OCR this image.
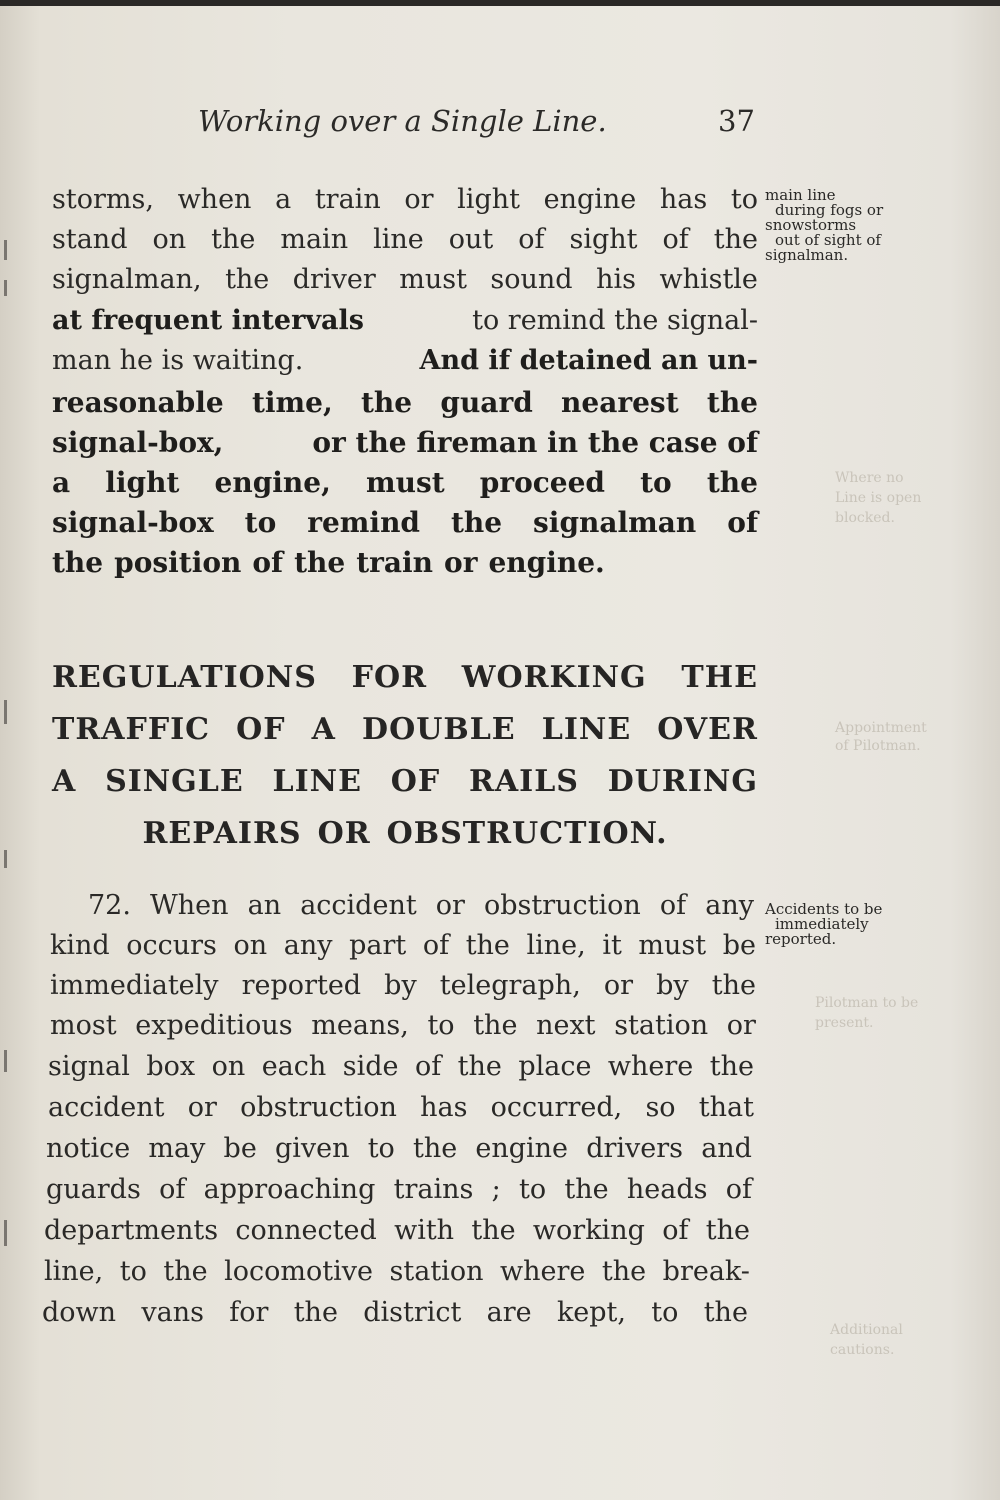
Working over a Single Line.	37
storms, when a train or light engine has to
stand on the main line out of sight of the
signalman, the driver must sound his whistle
at frequent intervals	to remind the signal-
man he is waiting.	And if detained an un-
reasonable time, the guard nearest the
signal-box,	or the fireman in the case of
a light engine, must proceed to the
signal-box to remind the signalman of
the position of the train or engine.
main line
during fogs or
snowstorms
out of sight of
signalman.
Where no
Line is open
blocked.
Appointment
of Pilotman.
Pilotman to be
present.
Additional
cautions.
REGULATIONS FOR WORKING THE
TRAFFIC OF A DOUBLE LINE OVER
A SINGLE LINE OF RAILS DURING
REPAIRS OR OBSTRUCTION.
72. When an accident or obstruction of any
kind occurs on any part of the line, it must be
immediately reported by telegraph, or by the
most expeditious means, to the next station or
signal box on each side of the place where the
accident or obstruction has occurred, so that
notice may be given to the engine drivers and
guards of approaching trains ; to the heads of
departments connected with the working of the
line, to the locomotive station where the break-
down vans for the district are kept, to the
Accidents to be
immediately
reported.
